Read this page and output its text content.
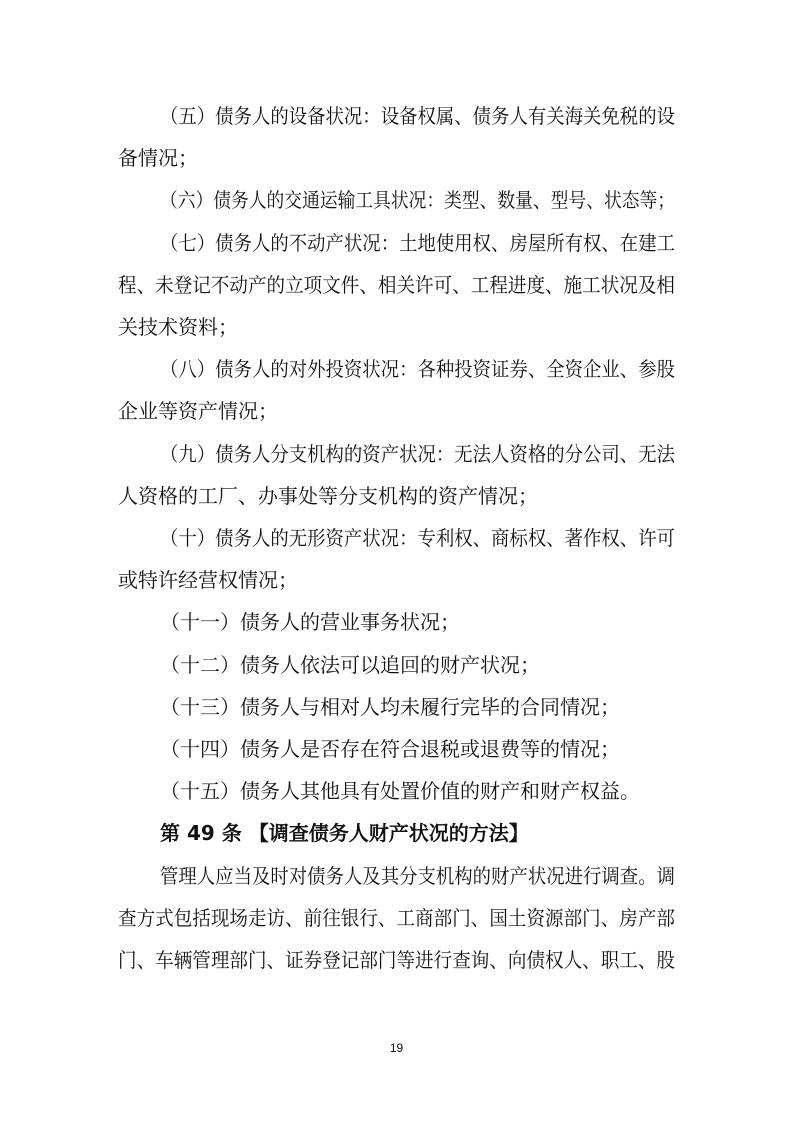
（五）债务人的设备状况：设备权属、债务人有关海关免税的设
备情况；
（六）债务人的交通运输工具状况：类型、数量、型号、状态等；
（七）债务人的不动产状况：土地使用权、房屋所有权、在建工
程、未登记不动产的立项文件、相关许可、工程进度、施工状况及相
关技术资料；
（八）债务人的对外投资状况：各种投资证券、全资企业、参股
企业等资产情况；
（九）债务人分支机构的资产状况：无法人资格的分公司、无法
人资格的工厂、办事处等分支机构的资产情况；
（十）债务人的无形资产状况：专利权、商标权、著作权、许可
或特许经营权情况；
（十一）债务人的营业事务状况；
（十二）债务人依法可以追回的财产状况；
（十三）债务人与相对人均未履行完毕的合同情况；
（十四）债务人是否存在符合退税或退费等的情况；
（十五）债务人其他具有处置价值的财产和财产权益。
第 49 条 【调查债务人财产状况的方法】
管理人应当及时对债务人及其分支机构的财产状况进行调查。调
查方式包括现场走访、前往银行、工商部门、国土资源部门、房产部
门、车辆管理部门、证券登记部门等进行查询、向债权人、职工、股
19
